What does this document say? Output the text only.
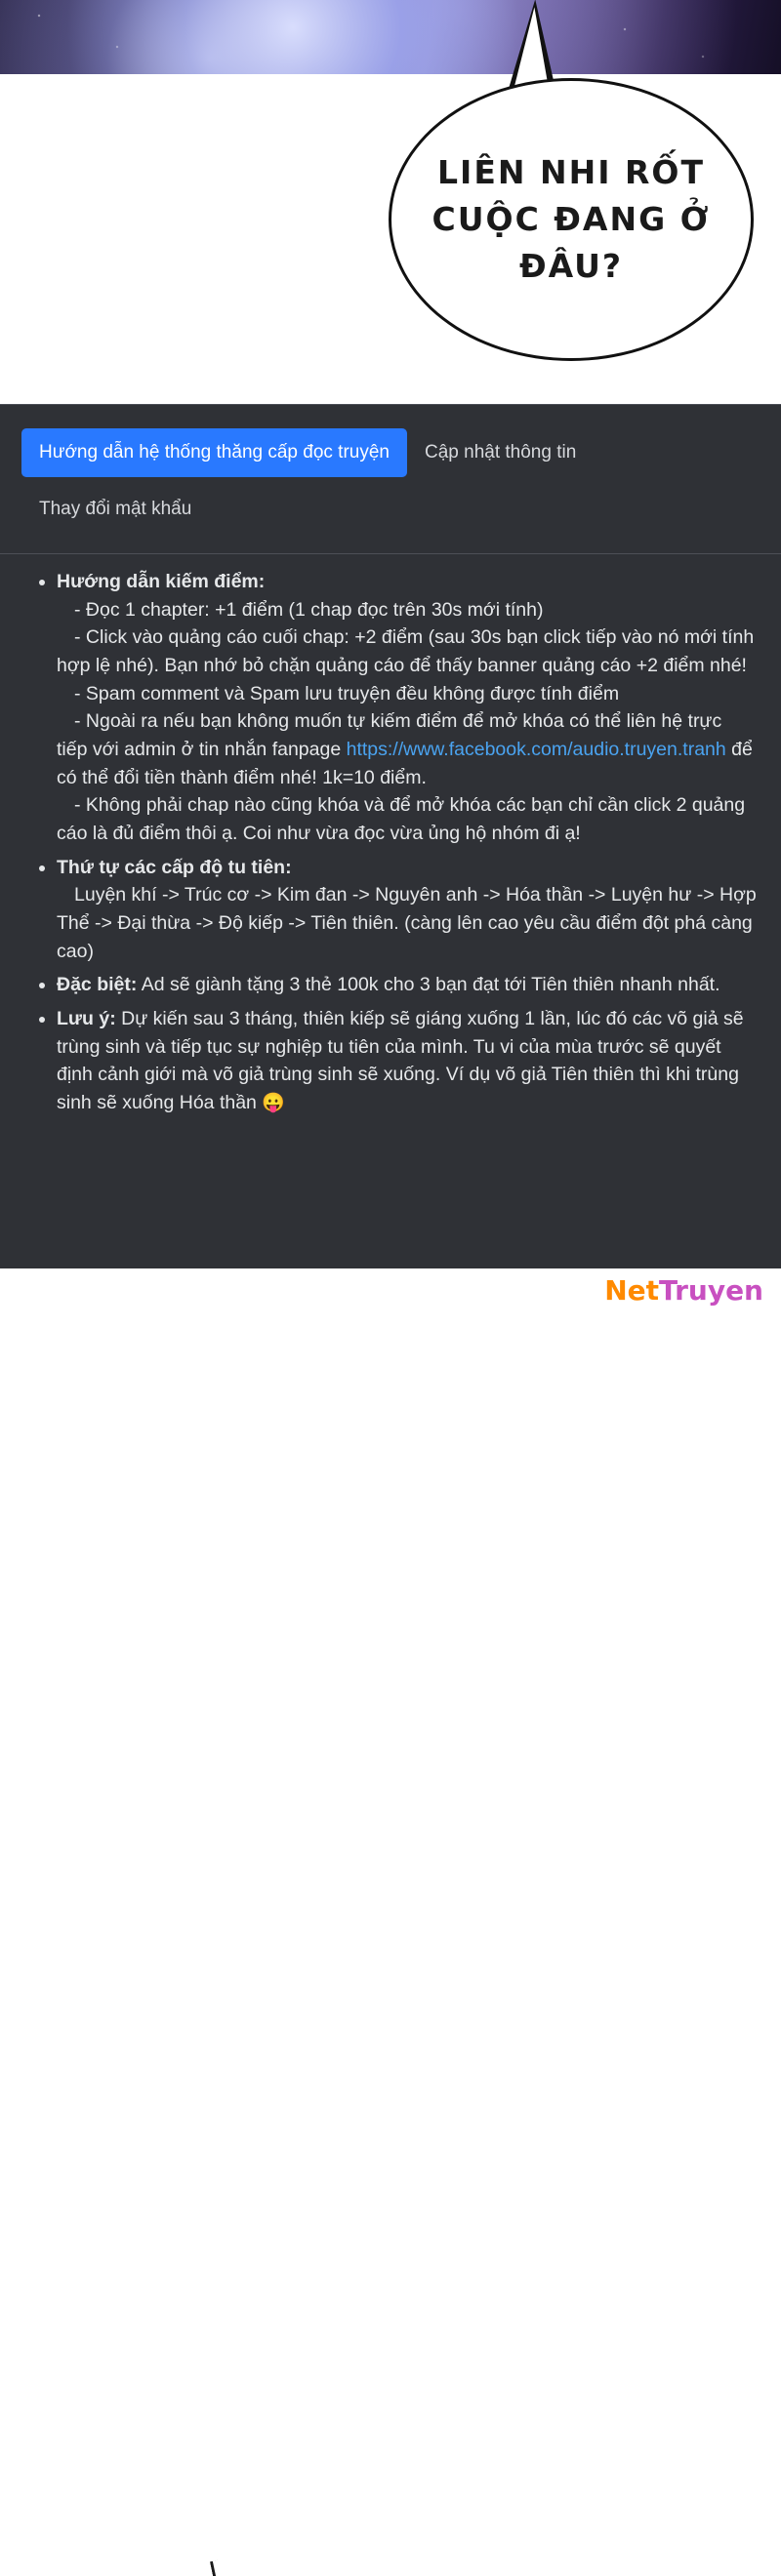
LIÊN NHI RỐT
CUỘC ĐANG Ở
ĐÂU?
Hướng dẫn hệ thống thăng cấp đọc truyện	Cập nhật thông tin
Thay đổi mật khẩu
• Hướng dẫn kiếm điểm:
- Đọc 1 chapter: +1 điểm (1 chap đọc trên 30s mới tính)
- Click vào quảng cáo cuối chap: +2 điểm (sau 30s bạn click tiếp vào nó mới tính hợp lệ nhé). Bạn nhớ bỏ chặn quảng cáo để thấy banner quảng cáo +2 điểm nhé!
- Spam comment và Spam lưu truyện đều không được tính điểm
- Ngoài ra nếu bạn không muốn tự kiếm điểm để mở khóa có thể liên hệ trực tiếp với admin ở tin nhắn fanpage https://www.facebook.com/audio.truyen.tranh để có thể đổi tiền thành điểm nhé! 1k=10 điểm.
- Không phải chap nào cũng khóa và để mở khóa các bạn chỉ cần click 2 quảng cáo là đủ điểm thôi ạ. Coi như vừa đọc vừa ủng hộ nhóm đi ạ!
• Thứ tự các cấp độ tu tiên:
Luyện khí -> Trúc cơ -> Kim đan -> Nguyên anh -> Hóa thần -> Luyện hư -> Hợp Thể -> Đại thừa -> Độ kiếp -> Tiên thiên. (càng lên cao yêu cầu điểm đột phá càng cao)
• Đặc biệt: Ad sẽ giành tặng 3 thẻ 100k cho 3 bạn đạt tới Tiên thiên nhanh nhất.
• Lưu ý: Dự kiến sau 3 tháng, thiên kiếp sẽ giáng xuống 1 lần, lúc đó các võ giả sẽ trùng sinh và tiếp tục sự nghiệp tu tiên của mình. Tu vi của mùa trước sẽ quyết định cảnh giới mà võ giả trùng sinh sẽ xuống. Ví dụ võ giả Tiên thiên thì khi trùng sinh sẽ xuống Hóa thần 😛
NetTruyen
